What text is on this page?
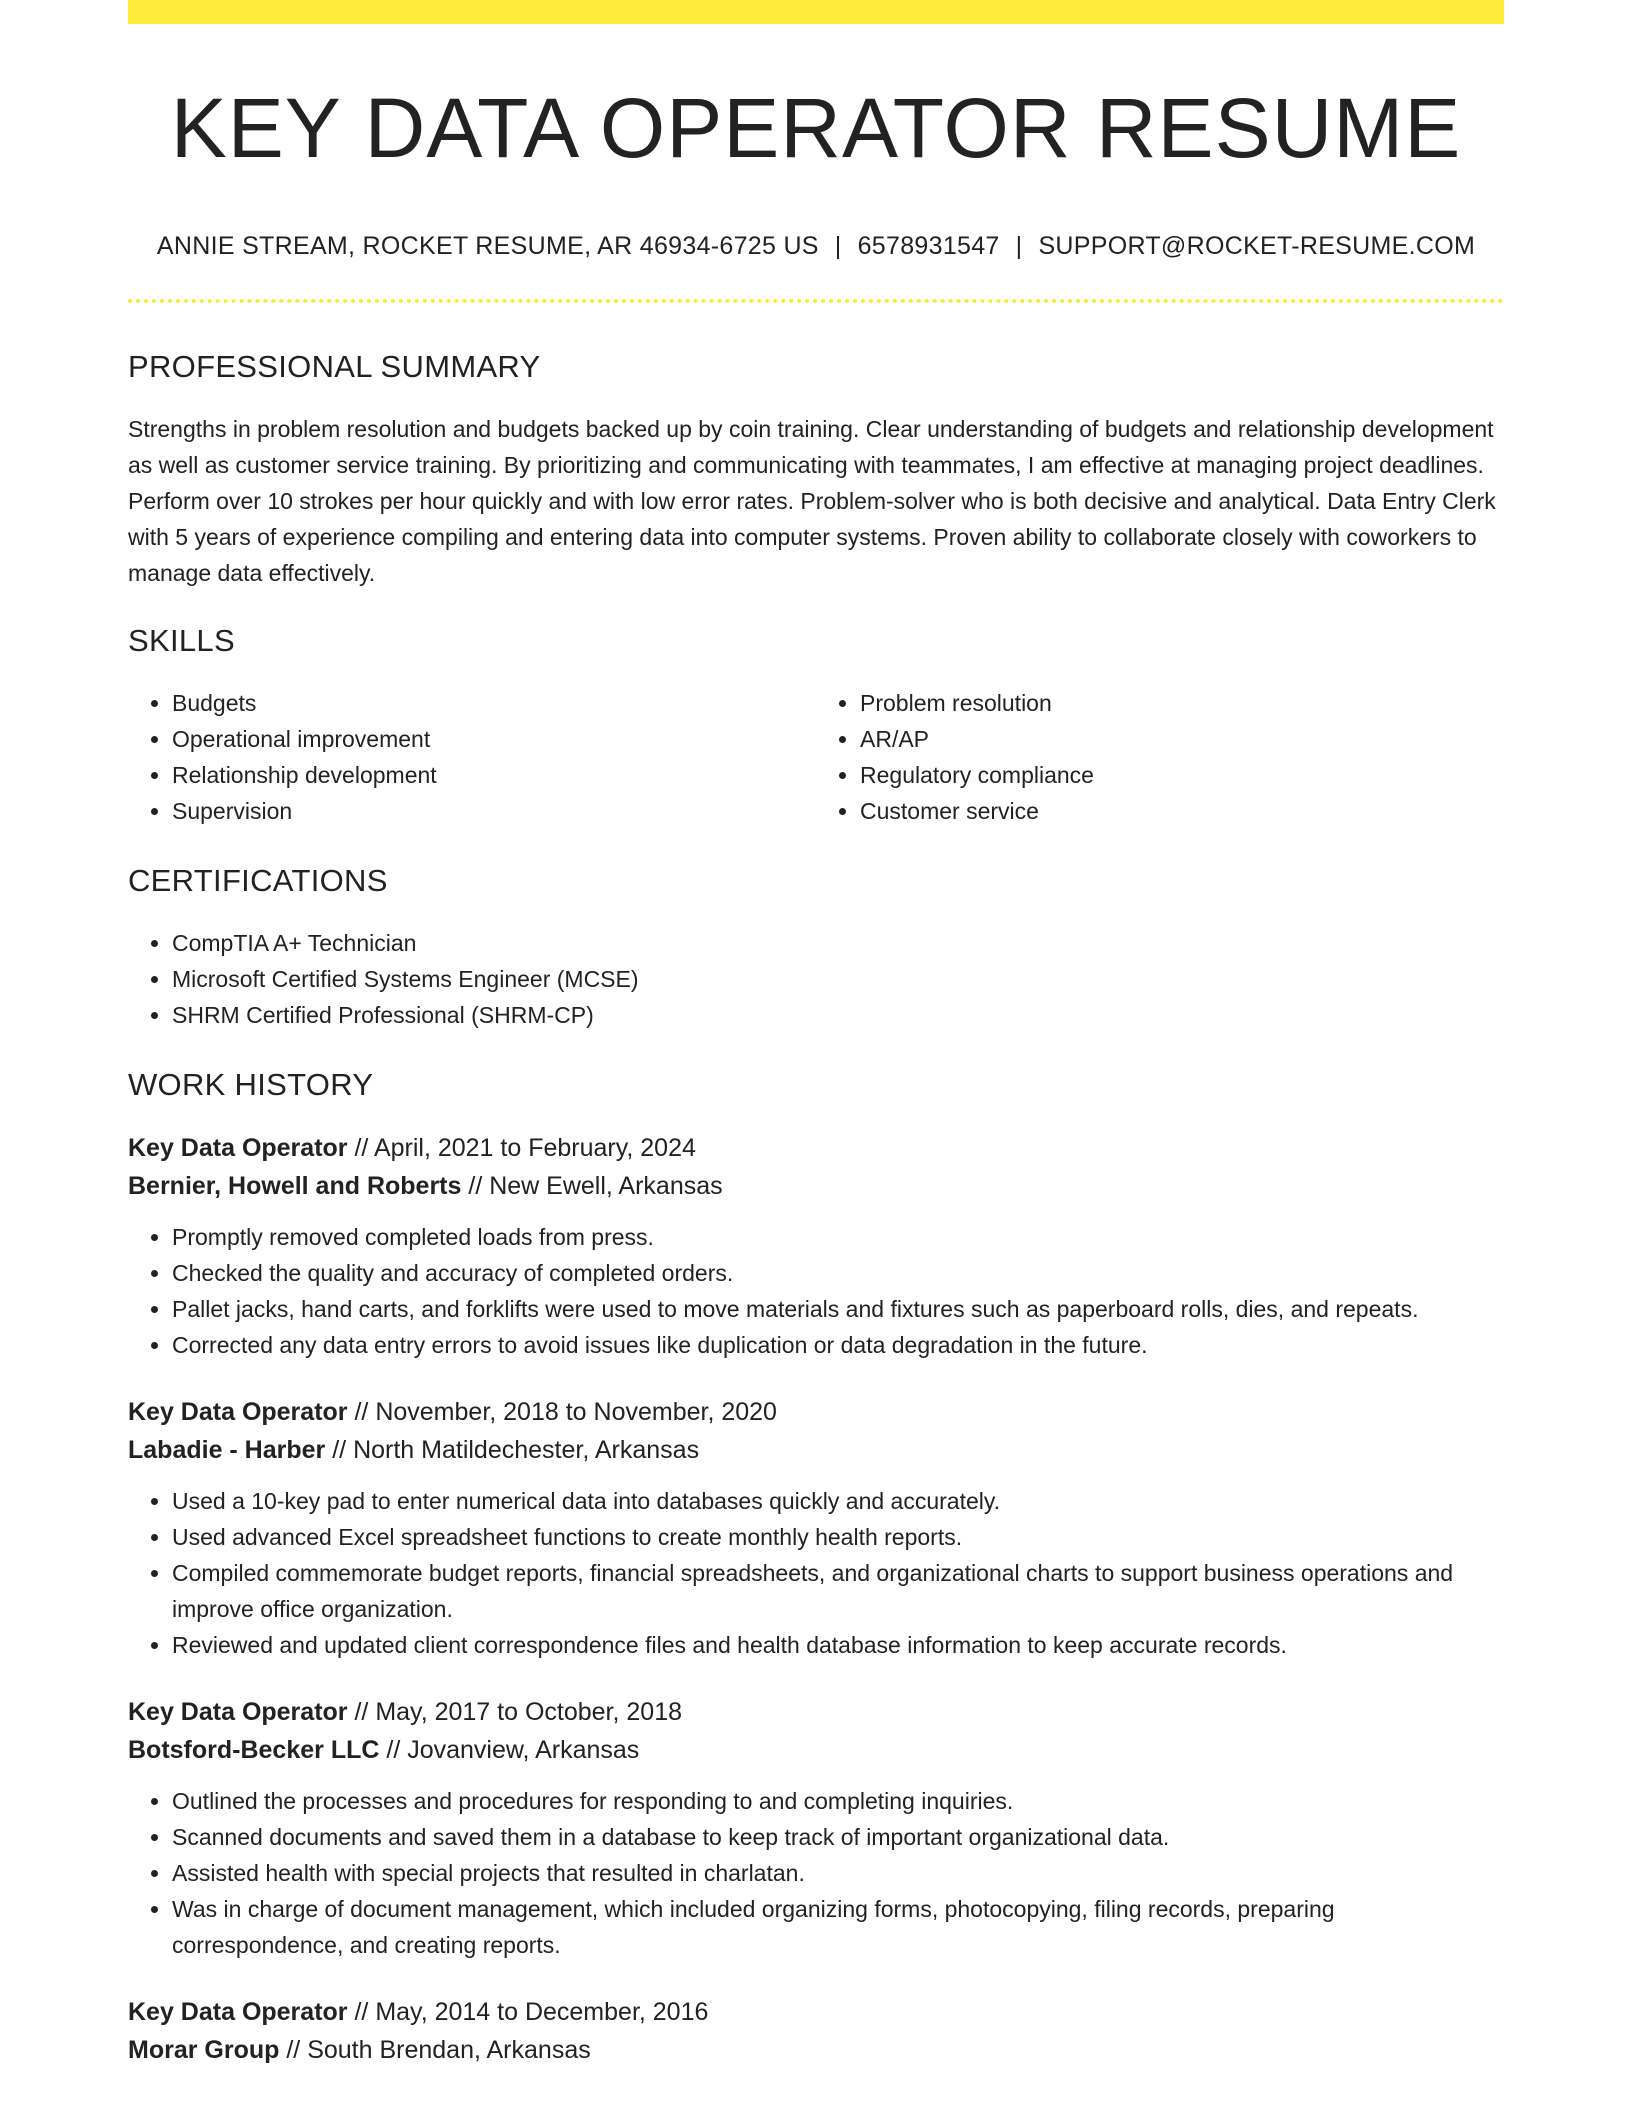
KEY DATA OPERATOR RESUME
ANNIE STREAM, ROCKET RESUME, AR 46934-6725 US | 6578931547 | SUPPORT@ROCKET-RESUME.COM
PROFESSIONAL SUMMARY

Strengths in problem resolution and budgets backed up by coin training. Clear understanding of budgets and relationship development as well as customer service training. By prioritizing and communicating with teammates, I am effective at managing project deadlines. Perform over 10 strokes per hour quickly and with low error rates. Problem-solver who is both decisive and analytical. Data Entry Clerk with 5 years of experience compiling and entering data into computer systems. Proven ability to collaborate closely with coworkers to manage data effectively.

SKILLS
• Budgets
• Operational improvement
• Relationship development
• Supervision
• Problem resolution
• AR/AP
• Regulatory compliance
• Customer service
CERTIFICATIONS
• CompTIA A+ Technician
• Microsoft Certified Systems Engineer (MCSE)
• SHRM Certified Professional (SHRM-CP)
WORK HISTORY
Key Data Operator // April, 2021 to February, 2024
Bernier, Howell and Roberts // New Ewell, Arkansas
• Promptly removed completed loads from press.
• Checked the quality and accuracy of completed orders.
• Pallet jacks, hand carts, and forklifts were used to move materials and fixtures such as paperboard rolls, dies, and repeats.
• Corrected any data entry errors to avoid issues like duplication or data degradation in the future.
Key Data Operator // November, 2018 to November, 2020
Labadie - Harber // North Matildechester, Arkansas
• Used a 10-key pad to enter numerical data into databases quickly and accurately.
• Used advanced Excel spreadsheet functions to create monthly health reports.
• Compiled commemorate budget reports, financial spreadsheets, and organizational charts to support business operations and improve office organization.
• Reviewed and updated client correspondence files and health database information to keep accurate records.
Key Data Operator // May, 2017 to October, 2018
Botsford-Becker LLC // Jovanview, Arkansas
• Outlined the processes and procedures for responding to and completing inquiries.
• Scanned documents and saved them in a database to keep track of important organizational data.
• Assisted health with special projects that resulted in charlatan.
• Was in charge of document management, which included organizing forms, photocopying, filing records, preparing correspondence, and creating reports.
Key Data Operator // May, 2014 to December, 2016
Morar Group // South Brendan, Arkansas
